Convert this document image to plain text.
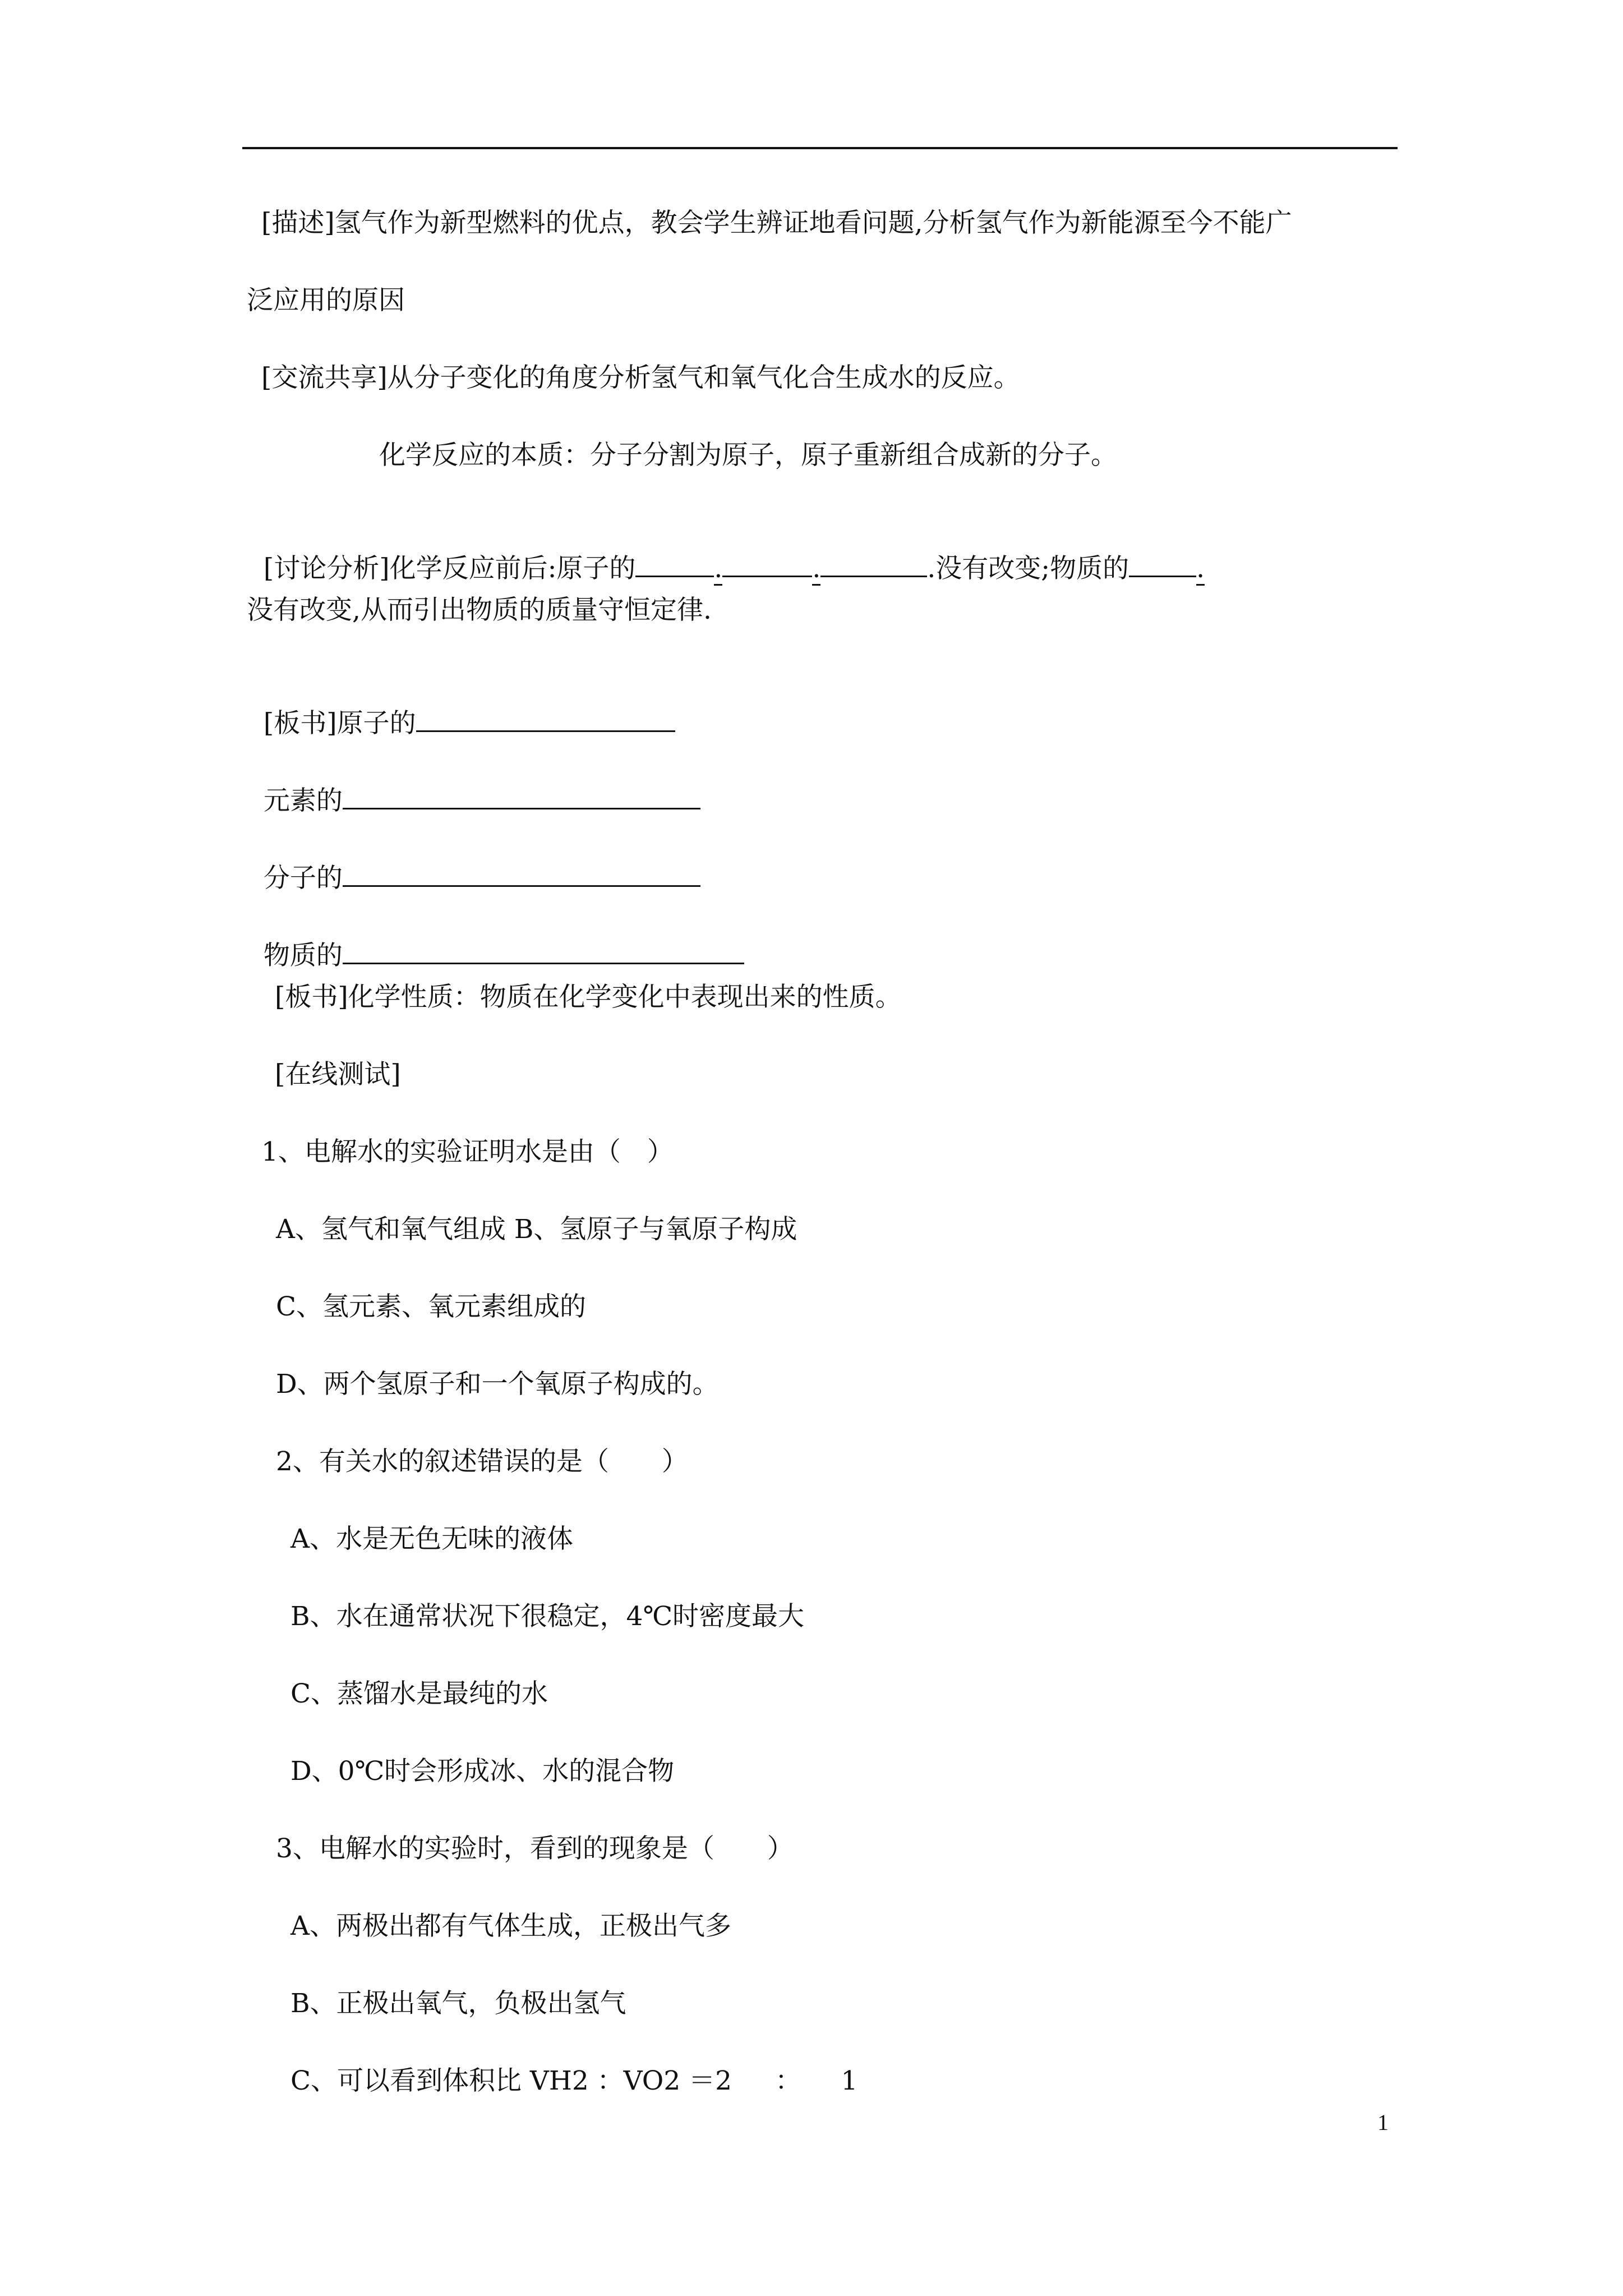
[描述]氢气作为新型燃料的优点，教会学生辨证地看问题,分析氢气作为新能源至今不能广
泛应用的原因
[交流共享]从分子变化的角度分析氢气和氧气化合生成水的反应。
化学反应的本质：分子分割为原子，原子重新组合成新的分子。

[讨论分析]化学反应前后:原子的	.	.	.没有改变;物质的	.

没有改变,从而引出物质的质量守恒定律.

[板书]原子的

元素的

分子的

物质的

[板书]化学性质：物质在化学变化中表现出来的性质。
[在线测试]
1、电解水的实验证明水是由（　）
A、氢气和氧气组成 B、氢原子与氧原子构成
C、氢元素、氧元素组成的
D、两个氢原子和一个氧原子构成的。
2、有关水的叙述错误的是（　　）
A、水是无色无味的液体
B、水在通常状况下很稳定，4℃时密度最大
C、蒸馏水是最纯的水
D、0℃时会形成冰、水的混合物
3、电解水的实验时，看到的现象是（　　）
A、两极出都有气体生成，正极出气多
B、正极出氧气，负极出氢气
C、可以看到体积比 VH2 ：VO2 ＝2 　 ：　　1
1
